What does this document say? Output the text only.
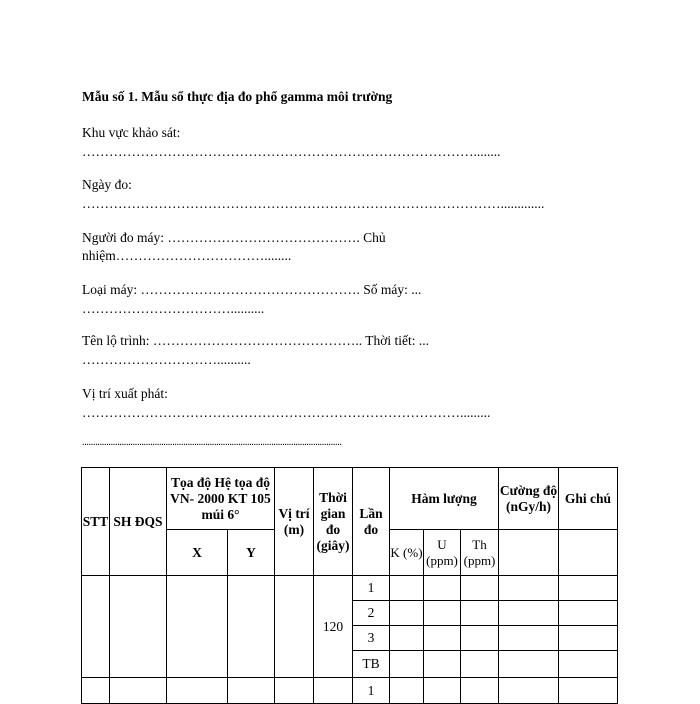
Mẫu số 1. Mẫu sổ thực địa đo phổ gamma môi trường
Khu vực khảo sát:
……………………………………………………………………………........
Ngày đo:
………………………………………………………………………………….............
Người đo máy: ……………………………………. Chủ
nhiệm……………………………........
Loại máy: …………………………………………. Số máy: ...
……………………………..........
Tên lộ trình: ……………………………………….. Thời tiết: ...
…………………………..........
Vị trí xuất phát:
………………………………………………………………………….........
......................................................................................................................
STT	SH ĐQS	Tọa độ Hệ tọa độ VN- 2000 KT 105 múi 6°		Vị trí (m)	Thời gian đo (giây)	Lần đo	Hàm lượng			Cường độ (nGy/h)	Ghi chú
		X	Y				K (%)	U (ppm)	Th (ppm)		
					120	1					
						2					
						3					
						TB					
						1					
